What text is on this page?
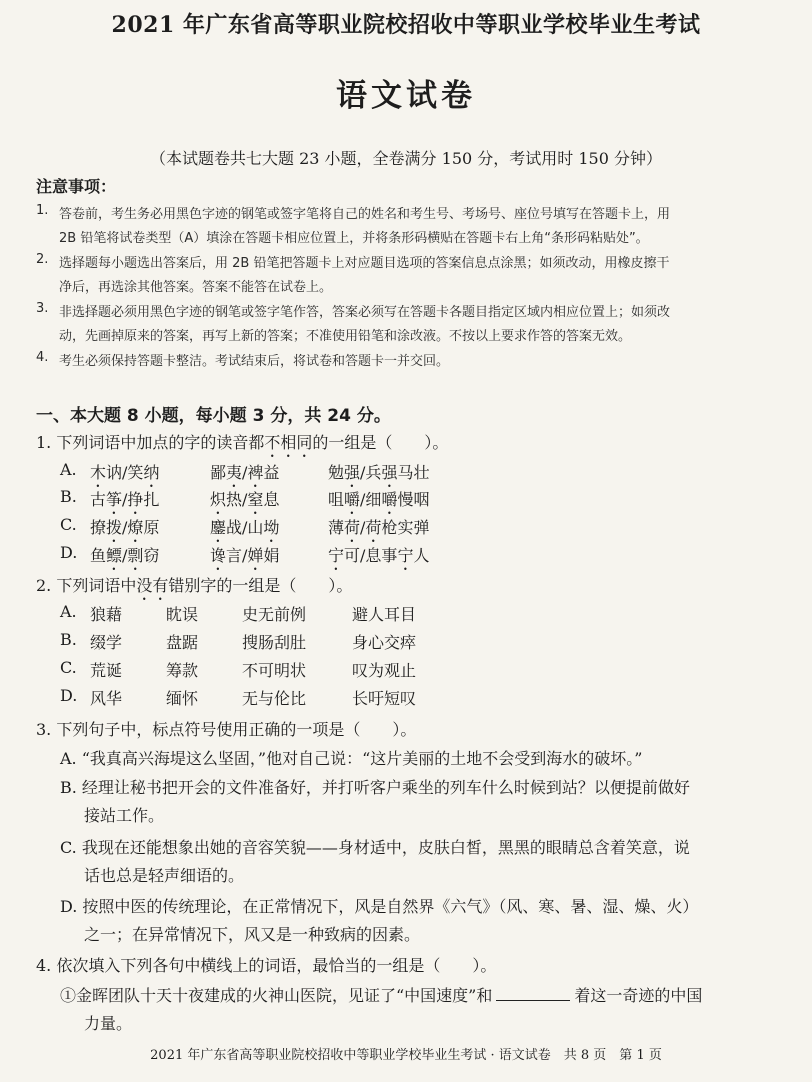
2021 年广东省高等职业院校招收中等职业学校毕业生考试
语文试卷
（本试题卷共七大题 23 小题，全卷满分 150 分，考试用时 150 分钟）
注意事项：
1. 答卷前，考生务必用黑色字迹的钢笔或签字笔将自己的姓名和考生号、考场号、座位号填写在答题卡上，用
2B 铅笔将试卷类型（A）填涂在答题卡相应位置上，并将条形码横贴在答题卡右上角“条形码粘贴处”。
2. 选择题每小题选出答案后，用 2B 铅笔把答题卡上对应题目选项的答案信息点涂黑；如须改动，用橡皮擦干
净后，再选涂其他答案。答案不能答在试卷上。
3. 非选择题必须用黑色字迹的钢笔或签字笔作答，答案必须写在答题卡各题目指定区域内相应位置上；如须改
动，先画掉原来的答案，再写上新的答案；不准使用铅笔和涂改液。不按以上要求作答的答案无效。
4. 考生必须保持答题卡整洁。考试结束后，将试卷和答题卡一并交回。
一、本大题 8 小题，每小题 3 分，共 24 分。
1. 下列词语中加点的字的读音都不相同的一组是（　　）。
A. 木讷/笑纳	鄙夷/裨益	勉强/兵强马壮
B. 古筝/挣扎	炽热/窒息	咀嚼/细嚼慢咽
C. 撩拨/燎原	鏖战/山坳	薄荷/荷枪实弹
D. 鱼鳔/剽窃	谗言/婵娟	宁可/息事宁人
2. 下列词语中没有错别字的一组是（　　）。
A. 狼藉	眈误	史无前例	避人耳目
B. 缀学	盘踞	搜肠刮肚	身心交瘁
C. 荒诞	筹款	不可明状	叹为观止
D. 风华	缅怀	无与伦比	长吁短叹
3. 下列句子中，标点符号使用正确的一项是（　　）。
A. “我真高兴海堤这么坚固，”他对自己说：“这片美丽的土地不会受到海水的破坏。”
B. 经理让秘书把开会的文件准备好，并打听客户乘坐的列车什么时候到站？以便提前做好
接站工作。
C. 我现在还能想象出她的音容笑貌——身材适中，皮肤白皙，黑黑的眼睛总含着笑意，说
话也总是轻声细语的。
D. 按照中医的传统理论，在正常情况下，风是自然界《六气》（风、寒、暑、湿、燥、火）
之一；在异常情况下，风又是一种致病的因素。
4. 依次填入下列各句中横线上的词语，最恰当的一组是（　　）。
①金晖团队十天十夜建成的火神山医院，见证了“中国速度”和	着这一奇迹的中国
力量。
2021 年广东省高等职业院校招收中等职业学校毕业生考试 · 语文试卷　共 8 页　第 1 页
